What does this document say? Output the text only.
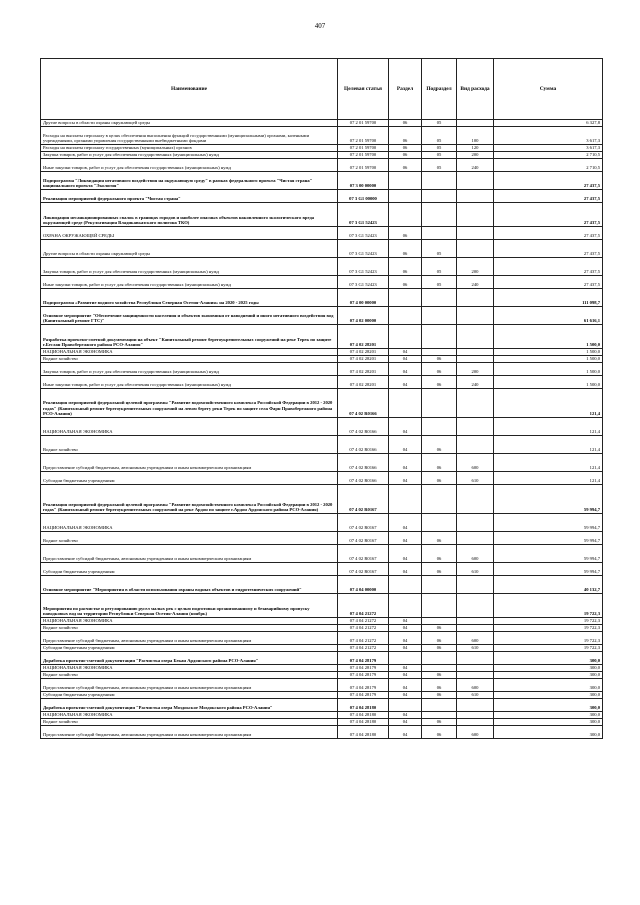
407
Наименование	Целевая статья	Раздел	Подраздел	Вид расхода	Сумма
Другие вопросы в области охраны окружающей среды	07 2 01 59700	06	05		6 327,8
Расходы на выплаты персоналу в целях обеспечения выполнения функций государственными (муниципальными) органами, казенными учреждениями, органами управления государственными внебюджетными фондами	07 2 01 59700	06	05	100	3 617,3
Расходы на выплаты персоналу государственных (муниципальных) органов	07 2 01 59700	06	05	120	3 617,3
Закупка товаров, работ и услуг для обеспечения государственных (муниципальных) нужд	07 2 01 59700	06	05	200	2 710,5
Иные закупки товаров, работ и услуг для обеспечения государственных (муниципальных) нужд	07 2 01 59700	06	05	240	2 710,5
Подпрограмма "Ликвидация негативного воздействия на окружающую среду" в рамках федерального проекта "Чистая страна" национального проекта "Экология"	07 3 00 00000				27 437,5
Реализация мероприятий федерального проекта "Чистая страна"	07 3 G1 00000				27 437,5
Ликвидация несанкционированных свалок в границах городов и наиболее опасных объектов накопленного экологического вреда окружающей среде (Рекультивация Владикавказского полигона ТКО)	07 3 G1 52423				27 437,5
ОХРАНА ОКРУЖАЮЩЕЙ СРЕДЫ	07 3 G1 52423	06			27 437,5
Другие вопросы в области охраны окружающей среды	07 3 G1 52423	06	05		27 437,5
Закупка товаров, работ и услуг для обеспечения государственных (муниципальных) нужд	07 3 G1 52423	06	05	200	27 437,5
Иные закупки товаров, работ и услуг для обеспечения государственных (муниципальных) нужд	07 3 G1 52423	06	05	240	27 437,5
Подпрограмма «Развитие водного хозяйства Республики Северная Осетия-Алания» на 2020 - 2025 годы	07 4 00 00000				111 098,7
Основное мероприятие "Обеспечение защищенности населения и объектов экономики от наводнений и иного негативного воздействия вод (Капитальный ремонт ГТС)"	07 4 02 00000				61 616,1
Разработка проектно-сметной документации на объект "Капитальный ремонт берегоукрепительных сооружений на реке Терек по защите г.Беслан Правобережного района РСО-Алания"	07 4 02 28201				1 500,0
НАЦИОНАЛЬНАЯ ЭКОНОМИКА	07 4 02 28201	04			1 500,0
Водное хозяйство	07 4 02 28201	04	06		1 500,0
Закупка товаров, работ и услуг для обеспечения государственных (муниципальных) нужд	07 4 02 28201	04	06	200	1 500,0
Иные закупки товаров, работ и услуг для обеспечения государственных (муниципальных) нужд	07 4 02 28201	04	06	240	1 500,0
Реализация мероприятий федеральной целевой программы "Развитие водохозяйственного комплекса Российской Федерации в 2012 - 2020 годах" (Капитальный ремонт берегоукрепительных сооружений на левом берегу реки Терек по защите села Фарн Правобережного района РСО-Алания)	07 4 02 R0166				121,4
НАЦИОНАЛЬНАЯ ЭКОНОМИКА	07 4 02 R0166	04			121,4
Водное хозяйство	07 4 02 R0166	04	06		121,4
Предоставление субсидий бюджетным, автономным учреждениям и иным некоммерческим организациям	07 4 02 R0166	04	06	600	121,4
Субсидии бюджетным учреждениям	07 4 02 R0166	04	06	610	121,4
Реализация мероприятий федеральной целевой программы "Развитие водохозяйственного комплекса Российской Федерации в 2012 - 2020 годах" (Капитальный ремонт берегоукрепительных сооружений на реке Ардон по защите г.Ардон Ардонского района РСО-Алания)	07 4 02 R0167				59 994,7
НАЦИОНАЛЬНАЯ ЭКОНОМИКА	07 4 02 R0167	04			59 994,7
Водное хозяйство	07 4 02 R0167	04	06		59 994,7
Предоставление субсидий бюджетным, автономным учреждениям и иным некоммерческим организациям	07 4 02 R0167	04	06	600	59 994,7
Субсидии бюджетным учреждениям	07 4 02 R0167	04	06	610	59 994,7
Основное мероприятие "Мероприятия в области использования охраны водных объектов и гидротехнических сооружений"	07 4 04 00000				40 132,7
Мероприятия по расчистке и регулированию русел малых рек с целью подготовки организованному и безаварийному пропуску паводковых вод на территории Республики Северная Осетия-Алания (ноябрь)	07 4 04 21272				19 722,3
НАЦИОНАЛЬНАЯ ЭКОНОМИКА	07 4 04 21272	04			19 722,3
Водное хозяйство	07 4 04 21272	04	06		19 722,3
Предоставление субсидий бюджетным, автономным учреждениям и иным некоммерческим организациям	07 4 04 21272	04	06	600	19 722,3
Субсидии бюджетным учреждениям	07 4 04 21272	04	06	610	19 722,3
Доработка проектно-сметной документации "Расчистка озера Бекан Ардонского района РСО-Алания"	07 4 04 28179				300,0
НАЦИОНАЛЬНАЯ ЭКОНОМИКА	07 4 04 28179	04			300,0
Водное хозяйство	07 4 04 28179	04	06		300,0
Предоставление субсидий бюджетным, автономным учреждениям и иным некоммерческим организациям	07 4 04 28179	04	06	600	300,0
Субсидии бюджетным учреждениям	07 4 04 28179	04	06	610	300,0
Доработка проектно-сметной документации "Расчистка озера Моздокское Моздокского района РСО-Алания"	07 4 04 28180				300,0
НАЦИОНАЛЬНАЯ ЭКОНОМИКА	07 4 04 28180	04			300,0
Водное хозяйство	07 4 04 28180	04	06		300,0
Предоставление субсидий бюджетным, автономным учреждениям и иным некоммерческим организациям	07 4 04 28180	04	06	600	300,0
